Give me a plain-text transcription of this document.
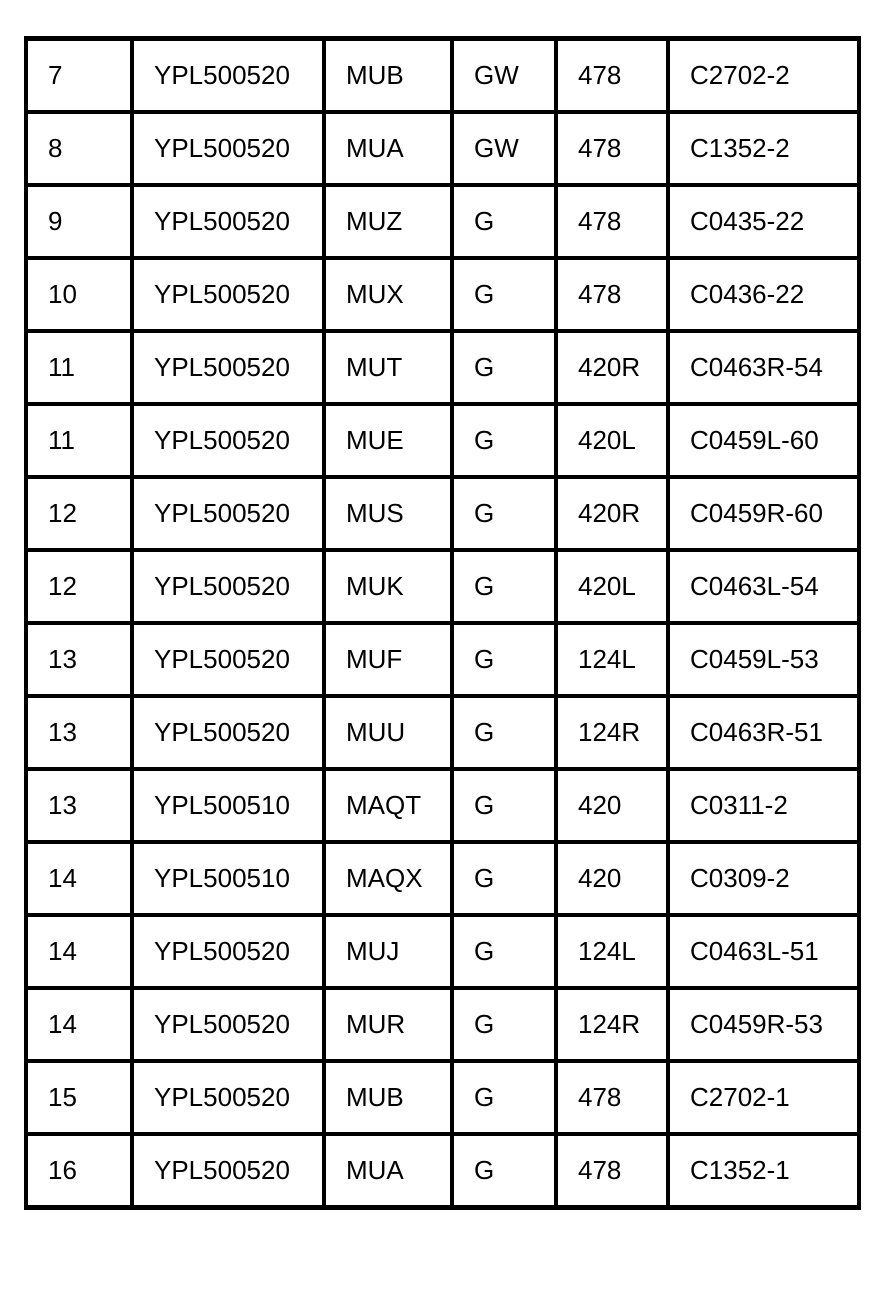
7	YPL500520	MUB	GW	478	C2702-2
8	YPL500520	MUA	GW	478	C1352-2
9	YPL500520	MUZ	G	478	C0435-22
10	YPL500520	MUX	G	478	C0436-22
11	YPL500520	MUT	G	420R	C0463R-54
11	YPL500520	MUE	G	420L	C0459L-60
12	YPL500520	MUS	G	420R	C0459R-60
12	YPL500520	MUK	G	420L	C0463L-54
13	YPL500520	MUF	G	124L	C0459L-53
13	YPL500520	MUU	G	124R	C0463R-51
13	YPL500510	MAQT	G	420	C0311-2
14	YPL500510	MAQX	G	420	C0309-2
14	YPL500520	MUJ	G	124L	C0463L-51
14	YPL500520	MUR	G	124R	C0459R-53
15	YPL500520	MUB	G	478	C2702-1
16	YPL500520	MUA	G	478	C1352-1
